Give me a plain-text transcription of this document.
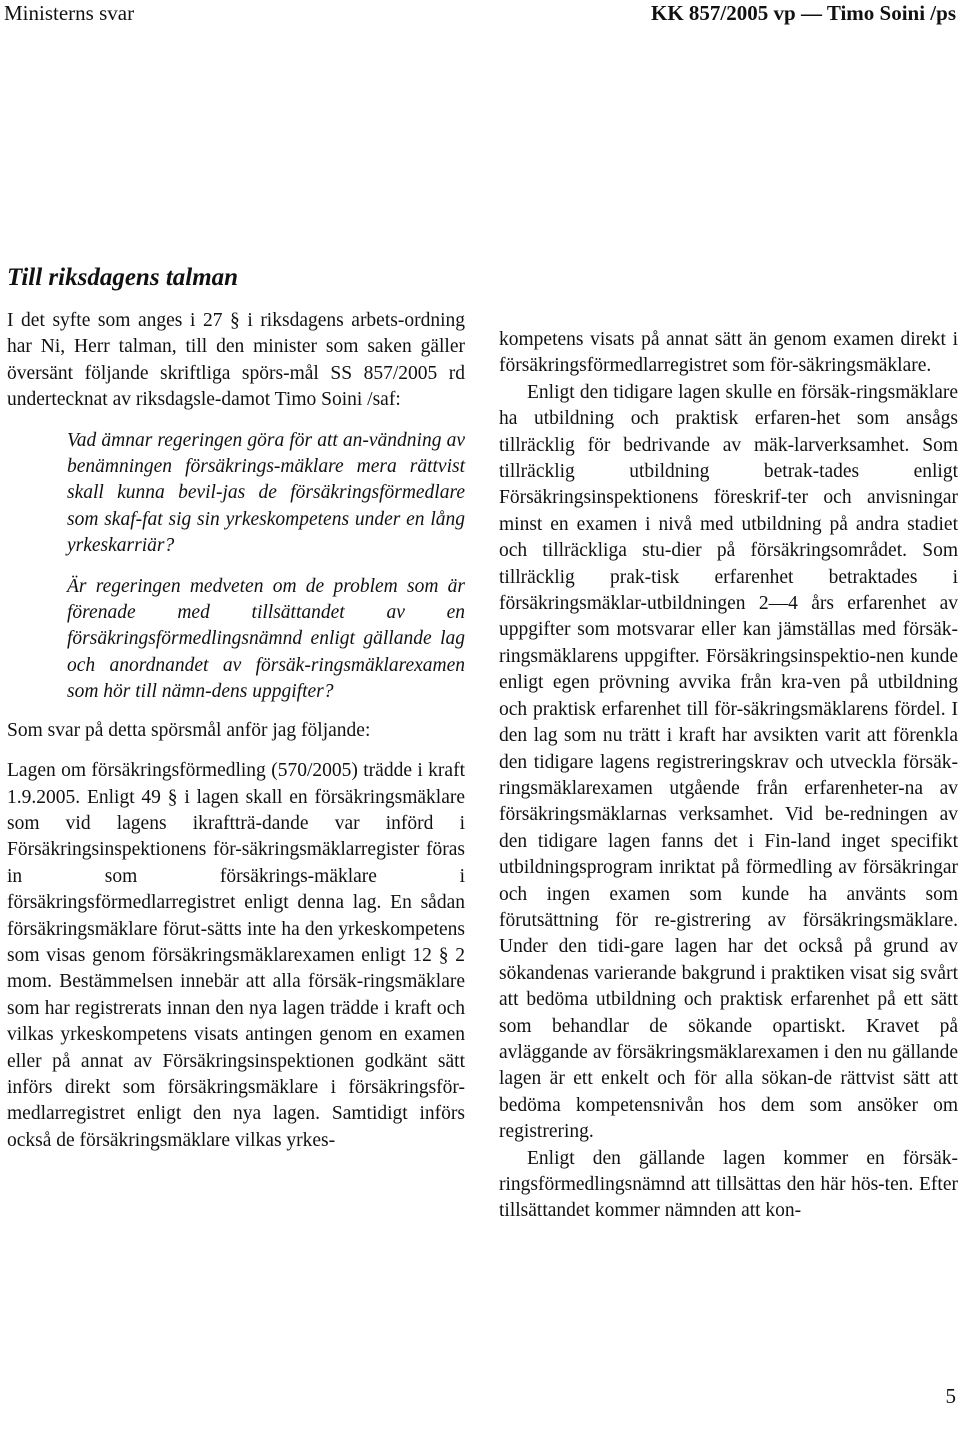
Ministerns svar	KK 857/2005 vp — Timo Soini /ps
Till riksdagens talman

I det syfte som anges i 27 § i riksdagens arbets-ordning har Ni, Herr talman, till den minister som saken gäller översänt följande skriftliga spörs-mål SS 857/2005 rd undertecknat av riksdagsle-damot Timo Soini /saf:

Vad ämnar regeringen göra för att an-vändning av benämningen försäkrings-mäklare mera rättvist skall kunna bevil-jas de försäkringsförmedlare som skaf-fat sig sin yrkeskompetens under en lång yrkeskarriär?

Är regeringen medveten om de problem som är förenade med tillsättandet av en försäkringsförmedlingsnämnd enligt gällande lag och anordnandet av försäk-ringsmäklarexamen som hör till nämn-dens uppgifter?

Som svar på detta spörsmål anför jag följande:

Lagen om försäkringsförmedling (570/2005) trädde i kraft 1.9.2005. Enligt 49 § i lagen skall en försäkringsmäklare som vid lagens ikraftträ-dande var införd i Försäkringsinspektionens för-säkringsmäklarregister föras in som försäkrings-mäklare i försäkringsförmedlarregistret enligt denna lag. En sådan försäkringsmäklare förut-sätts inte ha den yrkeskompetens som visas genom försäkringsmäklarexamen enligt 12 § 2 mom. Bestämmelsen innebär att alla försäk-ringsmäklare som har registrerats innan den nya lagen trädde i kraft och vilkas yrkeskompetens visats antingen genom en examen eller på annat av Försäkringsinspektionen godkänt sätt införs direkt som försäkringsmäklare i försäkringsför-medlarregistret enligt den nya lagen. Samtidigt införs också de försäkringsmäklare vilkas yrkes-

kompetens visats på annat sätt än genom examen direkt i försäkringsförmedlarregistret som för-säkringsmäklare.

Enligt den tidigare lagen skulle en försäk-ringsmäklare ha utbildning och praktisk erfaren-het som ansågs tillräcklig för bedrivande av mäk-larverksamhet. Som tillräcklig utbildning betrak-tades enligt Försäkringsinspektionens föreskrif-ter och anvisningar minst en examen i nivå med utbildning på andra stadiet och tillräckliga stu-dier på försäkringsområdet. Som tillräcklig prak-tisk erfarenhet betraktades i försäkringsmäklar-utbildningen 2—4 års erfarenhet av uppgifter som motsvarar eller kan jämställas med försäk-ringsmäklarens uppgifter. Försäkringsinspektio-nen kunde enligt egen prövning avvika från kra-ven på utbildning och praktisk erfarenhet till för-säkringsmäklarens fördel. I den lag som nu trätt i kraft har avsikten varit att förenkla den tidigare lagens registreringskrav och utveckla försäk-ringsmäklarexamen utgående från erfarenheter-na av försäkringsmäklarnas verksamhet. Vid be-redningen av den tidigare lagen fanns det i Fin-land inget specifikt utbildningsprogram inriktat på förmedling av försäkringar och ingen examen som kunde ha använts som förutsättning för re-gistrering av försäkringsmäklare. Under den tidi-gare lagen har det också på grund av sökandenas varierande bakgrund i praktiken visat sig svårt att bedöma utbildning och praktisk erfarenhet på ett sätt som behandlar de sökande opartiskt. Kravet på avläggande av försäkringsmäklarexamen i den nu gällande lagen är ett enkelt och för alla sökan-de rättvist sätt att bedöma kompetensnivån hos dem som ansöker om registrering.

Enligt den gällande lagen kommer en försäk-ringsförmedlingsnämnd att tillsättas den här hös-ten. Efter tillsättandet kommer nämnden att kon-

5
